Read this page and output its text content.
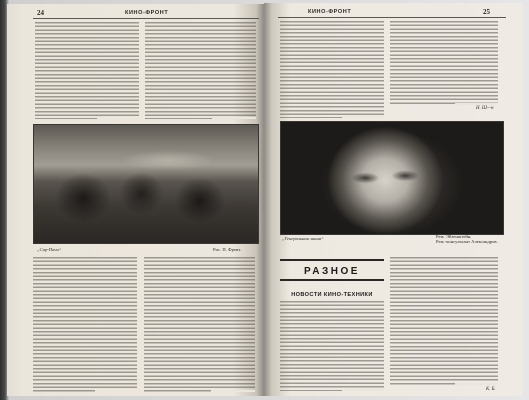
24	КИНО-ФРОНТ
„Сар-Пачи“	Рис. П. Фреих
КИНО-ФРОНТ	25
Н. Ш—н
„Генеральная линия“	Реж. Эйзенштейн,
Реж.-консультант Александров.
РАЗНОЕ
НОВОСТИ КИНО-ТЕХНИКИ
К. Б.
